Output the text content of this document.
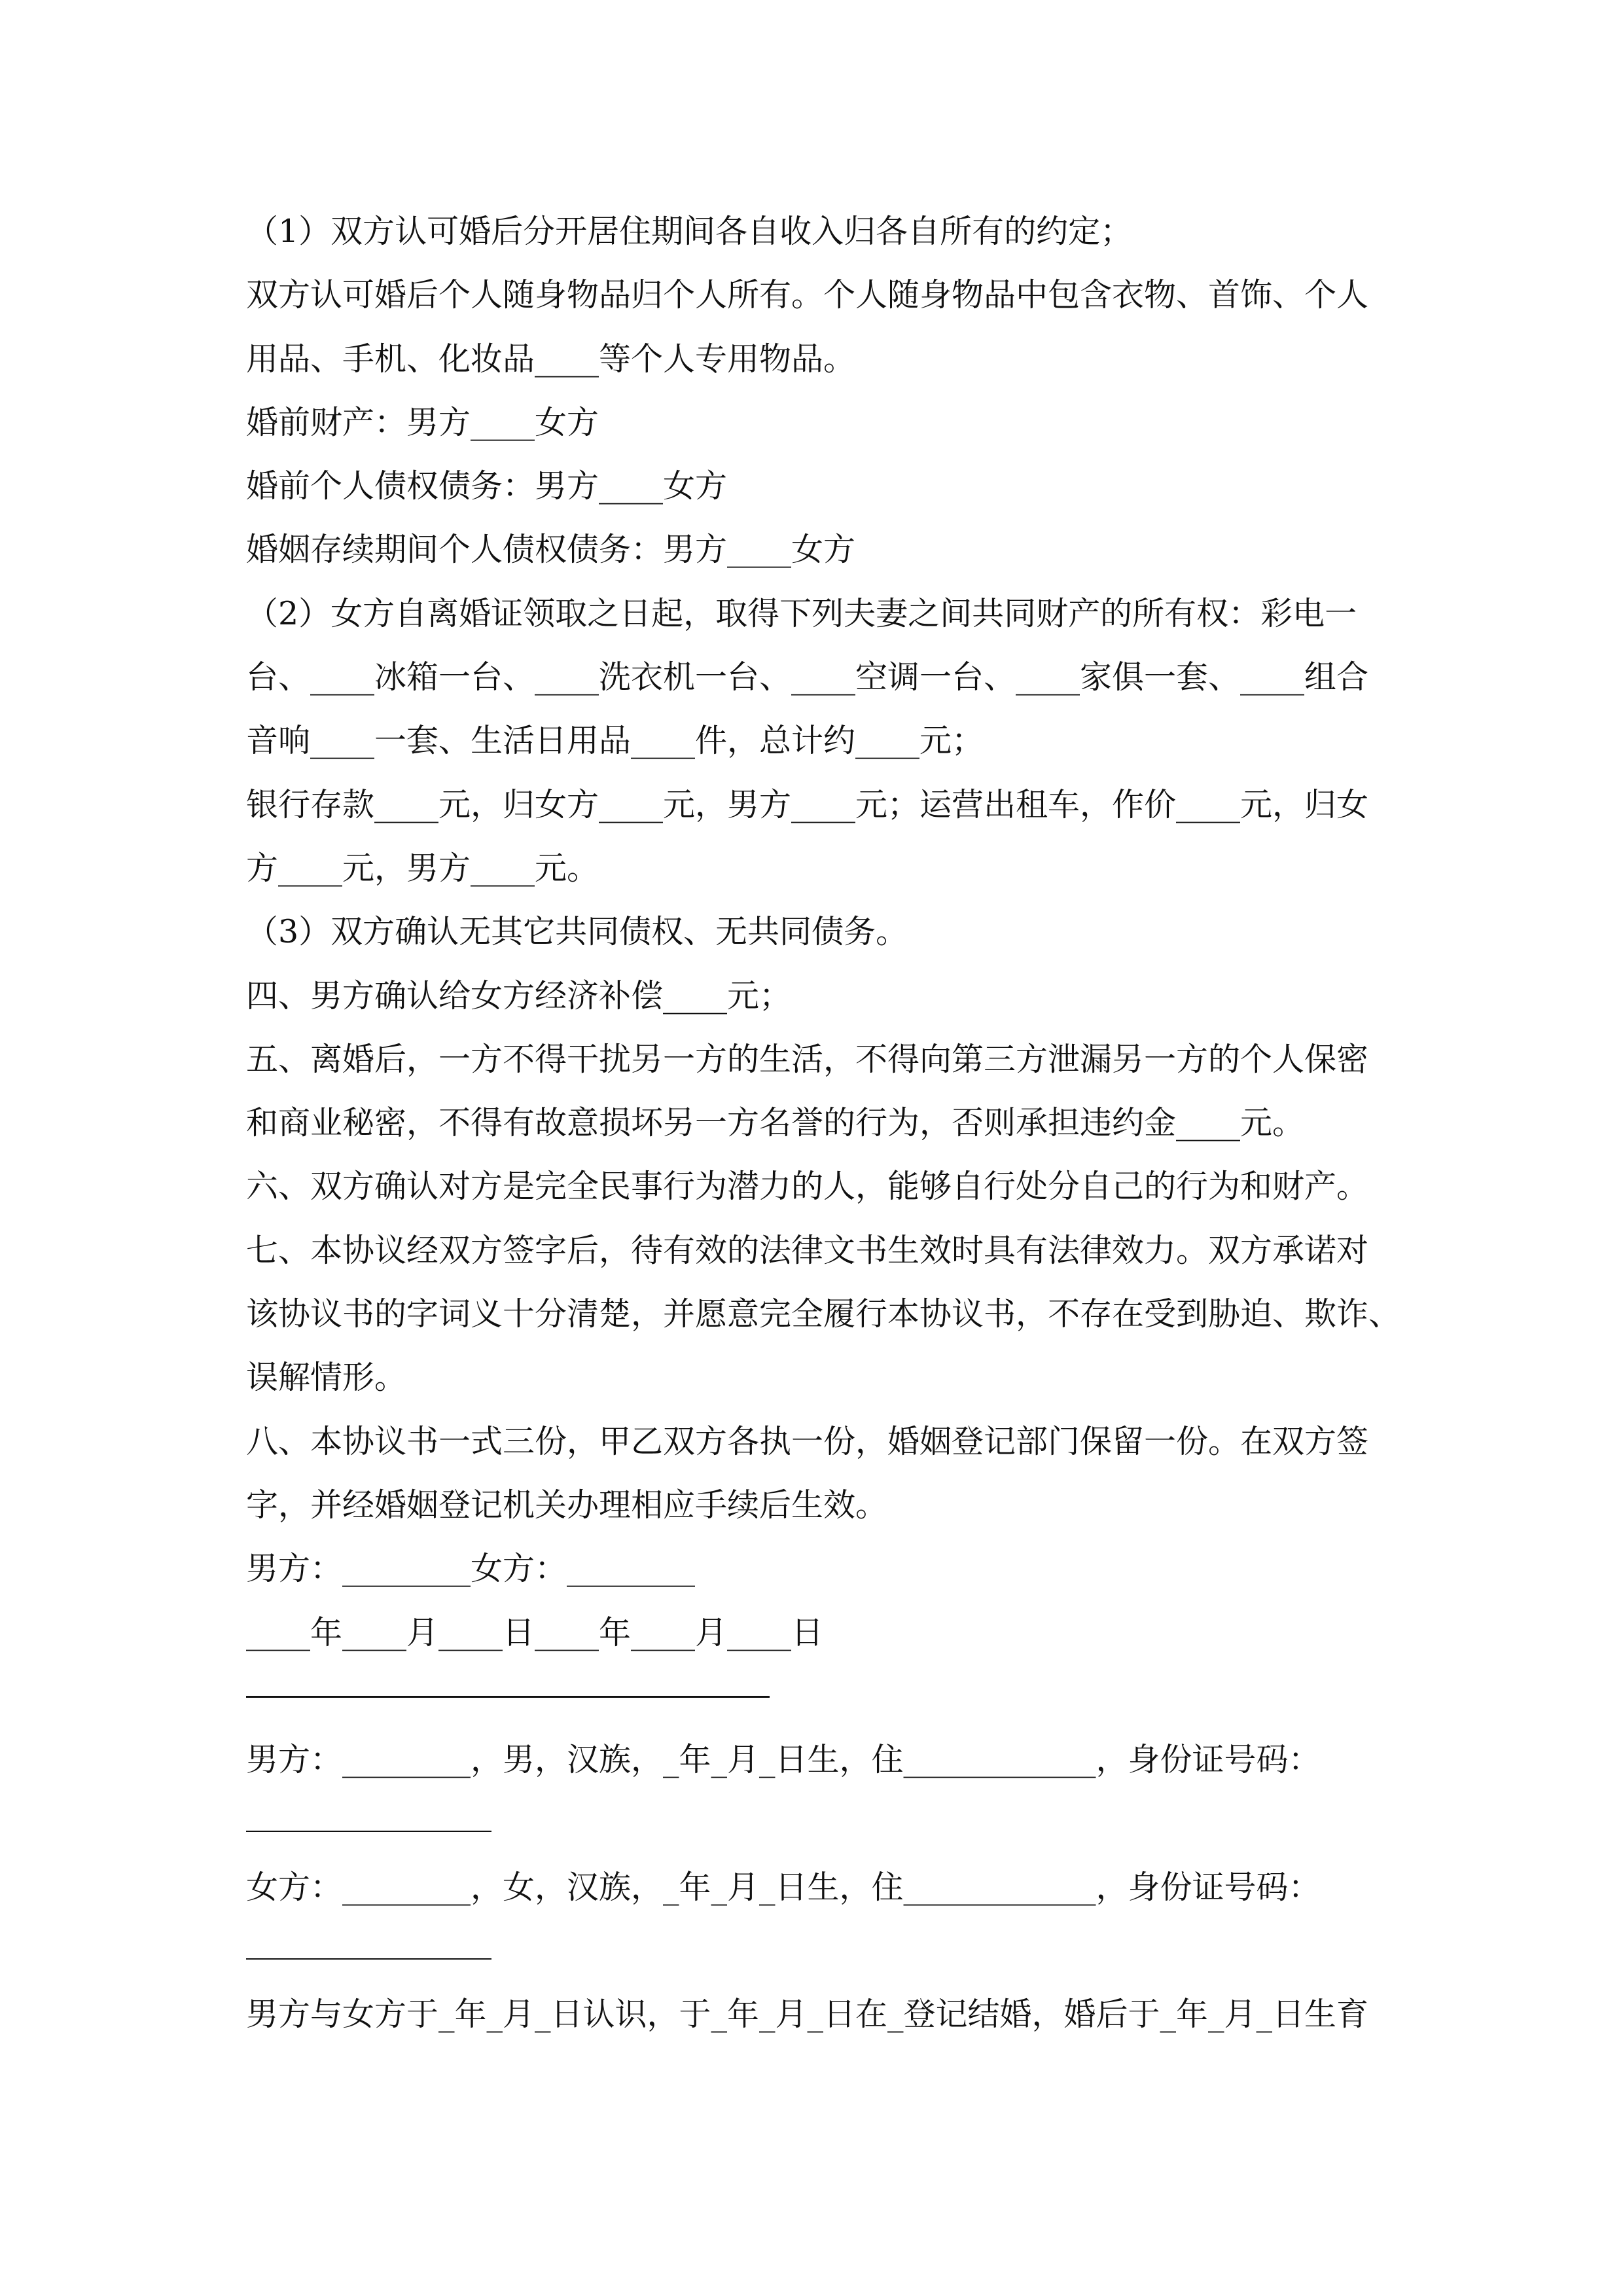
（1）双方认可婚后分开居住期间各自收入归各自所有的约定；
双方认可婚后个人随身物品归个人所有。个人随身物品中包含衣物、首饰、个人
用品、手机、化妆品____等个人专用物品。
婚前财产：男方____女方
婚前个人债权债务：男方____女方
婚姻存续期间个人债权债务：男方____女方
（2）女方自离婚证领取之日起，取得下列夫妻之间共同财产的所有权：彩电一
台、____冰箱一台、____洗衣机一台、____空调一台、____家俱一套、____组合
音响____一套、生活日用品____件，总计约____元；
银行存款____元，归女方____元，男方____元；运营出租车，作价____元，归女
方____元，男方____元。
（3）双方确认无其它共同债权、无共同债务。
四、男方确认给女方经济补偿____元；
五、离婚后，一方不得干扰另一方的生活，不得向第三方泄漏另一方的个人保密
和商业秘密，不得有故意损坏另一方名誉的行为，否则承担违约金____元。
六、双方确认对方是完全民事行为潜力的人，能够自行处分自己的行为和财产。
七、本协议经双方签字后，待有效的法律文书生效时具有法律效力。双方承诺对
该协议书的字词义十分清楚，并愿意完全履行本协议书，不存在受到胁迫、欺诈、
误解情形。
八、本协议书一式三份，甲乙双方各执一份，婚姻登记部门保留一份。在双方签
字，并经婚姻登记机关办理相应手续后生效。
男方：________女方：________
____年____月____日____年____月____日
男方：________，男，汉族，_年_月_日生，住____________，身份证号码：
女方：________，女，汉族，_年_月_日生，住____________，身份证号码：
男方与女方于_年_月_日认识，于_年_月_日在_登记结婚，婚后于_年_月_日生育
